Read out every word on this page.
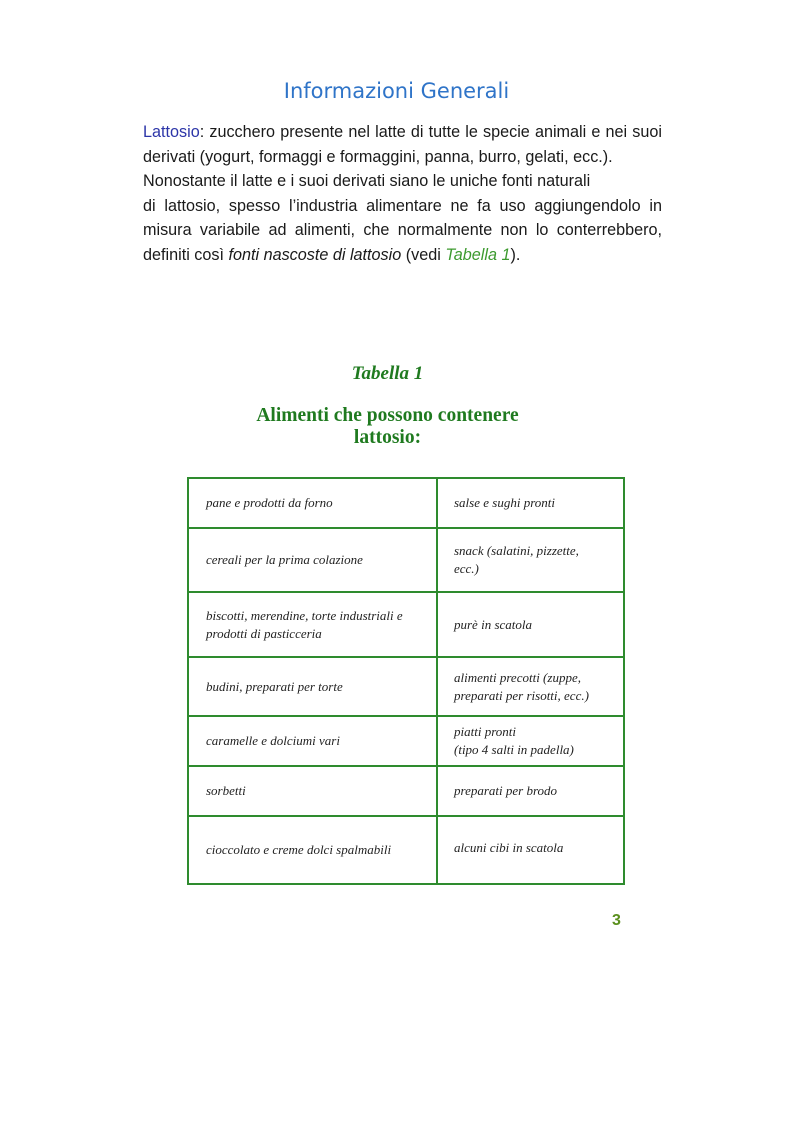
Informazioni Generali

Lattosio: zucchero presente nel latte di tutte le specie animali e nei suoi derivati (yogurt, formaggi e formaggini, panna, burro, gelati, ecc.).

Nonostante il latte e i suoi derivati siano le uniche fonti naturali
di lattosio, spesso l’industria alimentare ne fa uso aggiungendolo in misura variabile ad alimenti, che normalmente non lo conterrebbero, definiti così fonti nascoste di lattosio (vedi Tabella 1).

Tabella 1
Alimenti che possono contenere
lattosio:
pane e prodotti da forno	salse e sughi pronti
cereali per la prima colazione	snack (salatini, pizzette, ecc.)
biscotti, merendine, torte industriali e prodotti di pasticceria	purè in scatola
budini, preparati per torte	alimenti precotti (zuppe, preparati per risotti, ecc.)
caramelle e dolciumi vari	piatti pronti
(tipo 4 salti in padella)
sorbetti	preparati per brodo
cioccolato e creme dolci spalmabili	alcuni cibi in scatola
3
